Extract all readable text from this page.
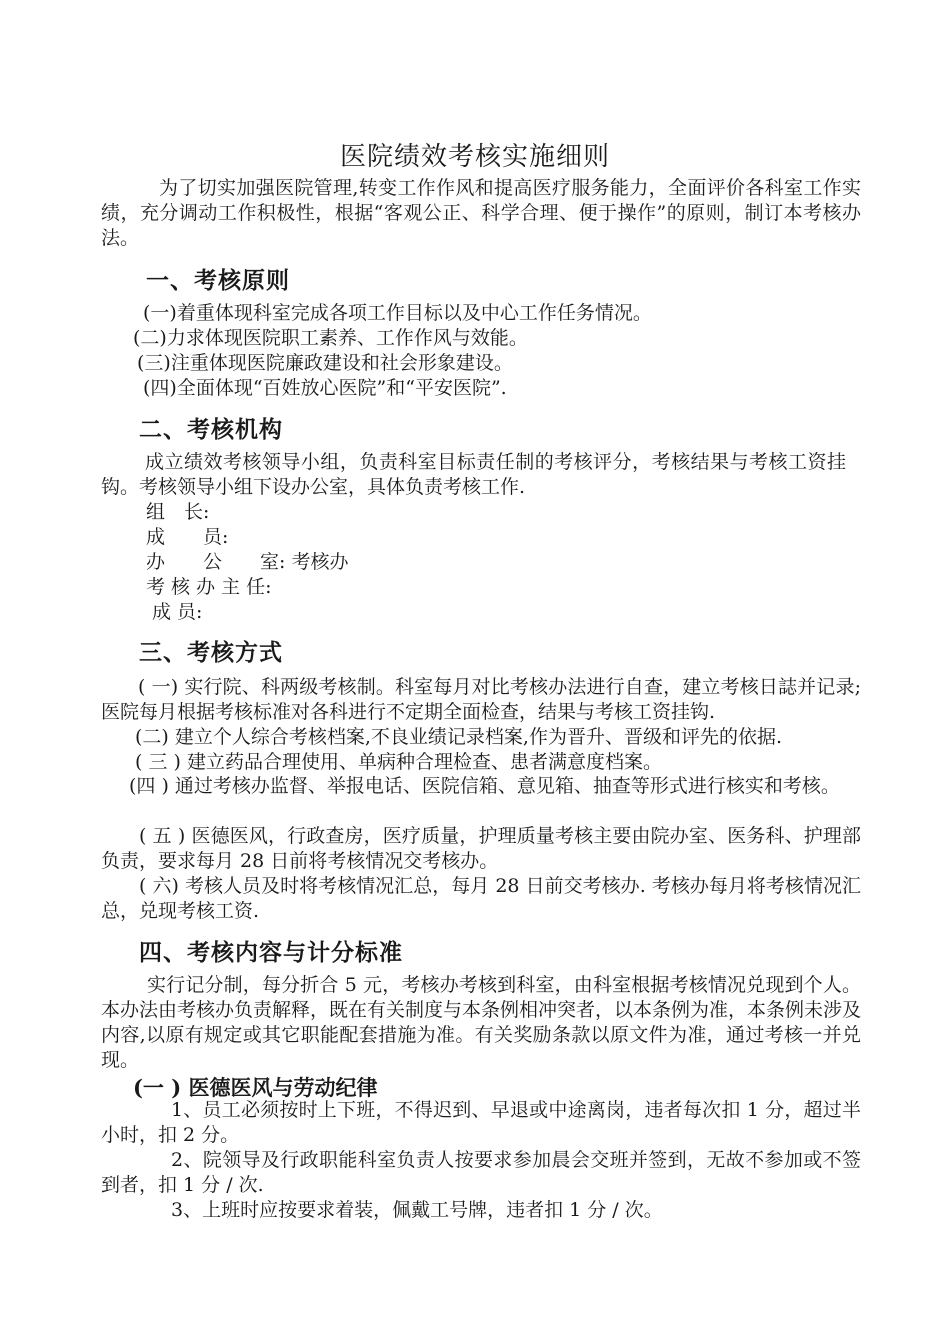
医院绩效考核实施细则
　　　为了切实加强医院管理,转变工作作风和提高医疗服务能力，全面评价各科室工作实绩，充分调动工作积极性，根据“客观公正、科学合理、便于操作”的原则，制订本考核办法。
一、考核原则
(一)着重体现科室完成各项工作目标以及中心工作任务情况。
(二)力求体现医院职工素养、工作作风与效能。
(三)注重体现医院廉政建设和社会形象建设。
(四)全面体现“百姓放心医院”和“平安医院”.
二、考核机构
成立绩效考核领导小组，负责科室目标责任制的考核评分，考核结果与考核工资挂钩。考核领导小组下设办公室，具体负责考核工作.
组　长:
成　　员:
办　　公　　室: 考核办
考 核 办 主 任:
成 员:
三、考核方式
( 一) 实行院、科两级考核制。科室每月对比考核办法进行自查，建立考核日誌并记录; 医院每月根据考核标准对各科进行不定期全面检查，结果与考核工资挂钩.
(二) 建立个人综合考核档案,不良业绩记录档案,作为晋升、晋级和评先的依据.
( 三 ) 建立药品合理使用、单病种合理检查、患者满意度档案。
(四 ) 通过考核办监督、举报电话、医院信箱、意见箱、抽查等形式进行核实和考核。
( 五 ) 医德医风，行政查房，医疗质量，护理质量考核主要由院办室、医务科、护理部负责，要求每月 28 日前将考核情况交考核办。
( 六) 考核人员及时将考核情况汇总，每月 28 日前交考核办. 考核办每月将考核情况汇总，兑现考核工资.
四、考核内容与计分标准
实行记分制，每分折合 5 元，考核办考核到科室，由科室根据考核情况兑现到个人。本办法由考核办负责解释，既在有关制度与本条例相冲突者，以本条例为准，本条例未涉及内容,以原有规定或其它职能配套措施为准。有关奖励条款以原文件为准，通过考核一并兑现。
(一 ) 医德医风与劳动纪律
1、员工必须按时上下班，不得迟到、早退或中途离岗，违者每次扣 1 分，超过半小时，扣 2 分。
2、院领导及行政职能科室负责人按要求参加晨会交班并签到，无故不参加或不签到者，扣 1 分 / 次.
3、上班时应按要求着装，佩戴工号牌，违者扣 1 分 / 次。
